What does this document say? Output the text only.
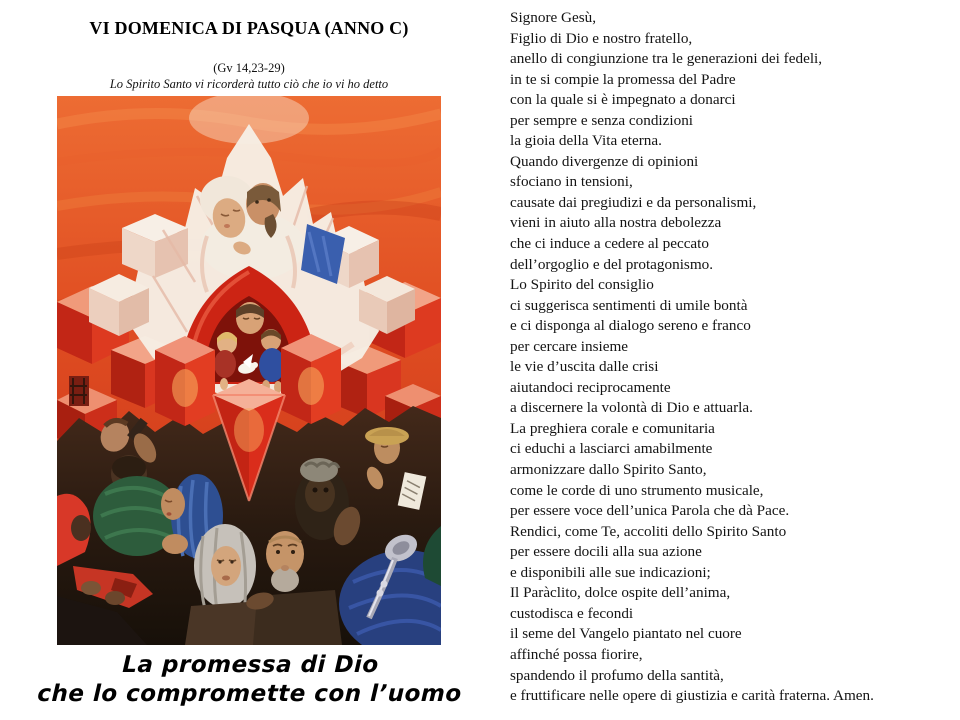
VI DOMENICA DI PASQUA (ANNO C)
(Gv 14,23-29)
Lo Spirito Santo vi ricorderà tutto ciò che io vi ho detto
La promessa di Dio
che lo compromette con l’uomo
Signore Gesù,
Figlio di Dio e nostro fratello,
anello di congiunzione tra le generazioni dei fedeli,
in te si compie la promessa del Padre
con la quale si è impegnato a donarci
per sempre e senza condizioni
la gioia della Vita eterna.
Quando divergenze di opinioni
sfociano in tensioni,
causate dai pregiudizi e da personalismi,
vieni in aiuto alla nostra debolezza
che ci induce a cedere al peccato
dell’orgoglio e del protagonismo.
Lo Spirito del consiglio
ci suggerisca sentimenti di umile bontà
e ci disponga al dialogo sereno e franco
per cercare insieme
le vie d’uscita dalle crisi
aiutandoci reciprocamente
a discernere la volontà di Dio e attuarla.
La preghiera corale e comunitaria
ci educhi a lasciarci amabilmente
armonizzare dallo Spirito Santo,
come le corde di uno strumento musicale,
per essere voce dell’unica Parola che dà Pace.
Rendici, come Te, accoliti dello Spirito Santo
per essere docili alla sua azione
e disponibili alle sue indicazioni;
Il Paràclito, dolce ospite dell’anima,
custodisca e fecondi
il seme del Vangelo piantato nel cuore
affinché possa fiorire,
spandendo il profumo della santità,
e fruttificare nelle opere di giustizia e carità fraterna. Amen.
